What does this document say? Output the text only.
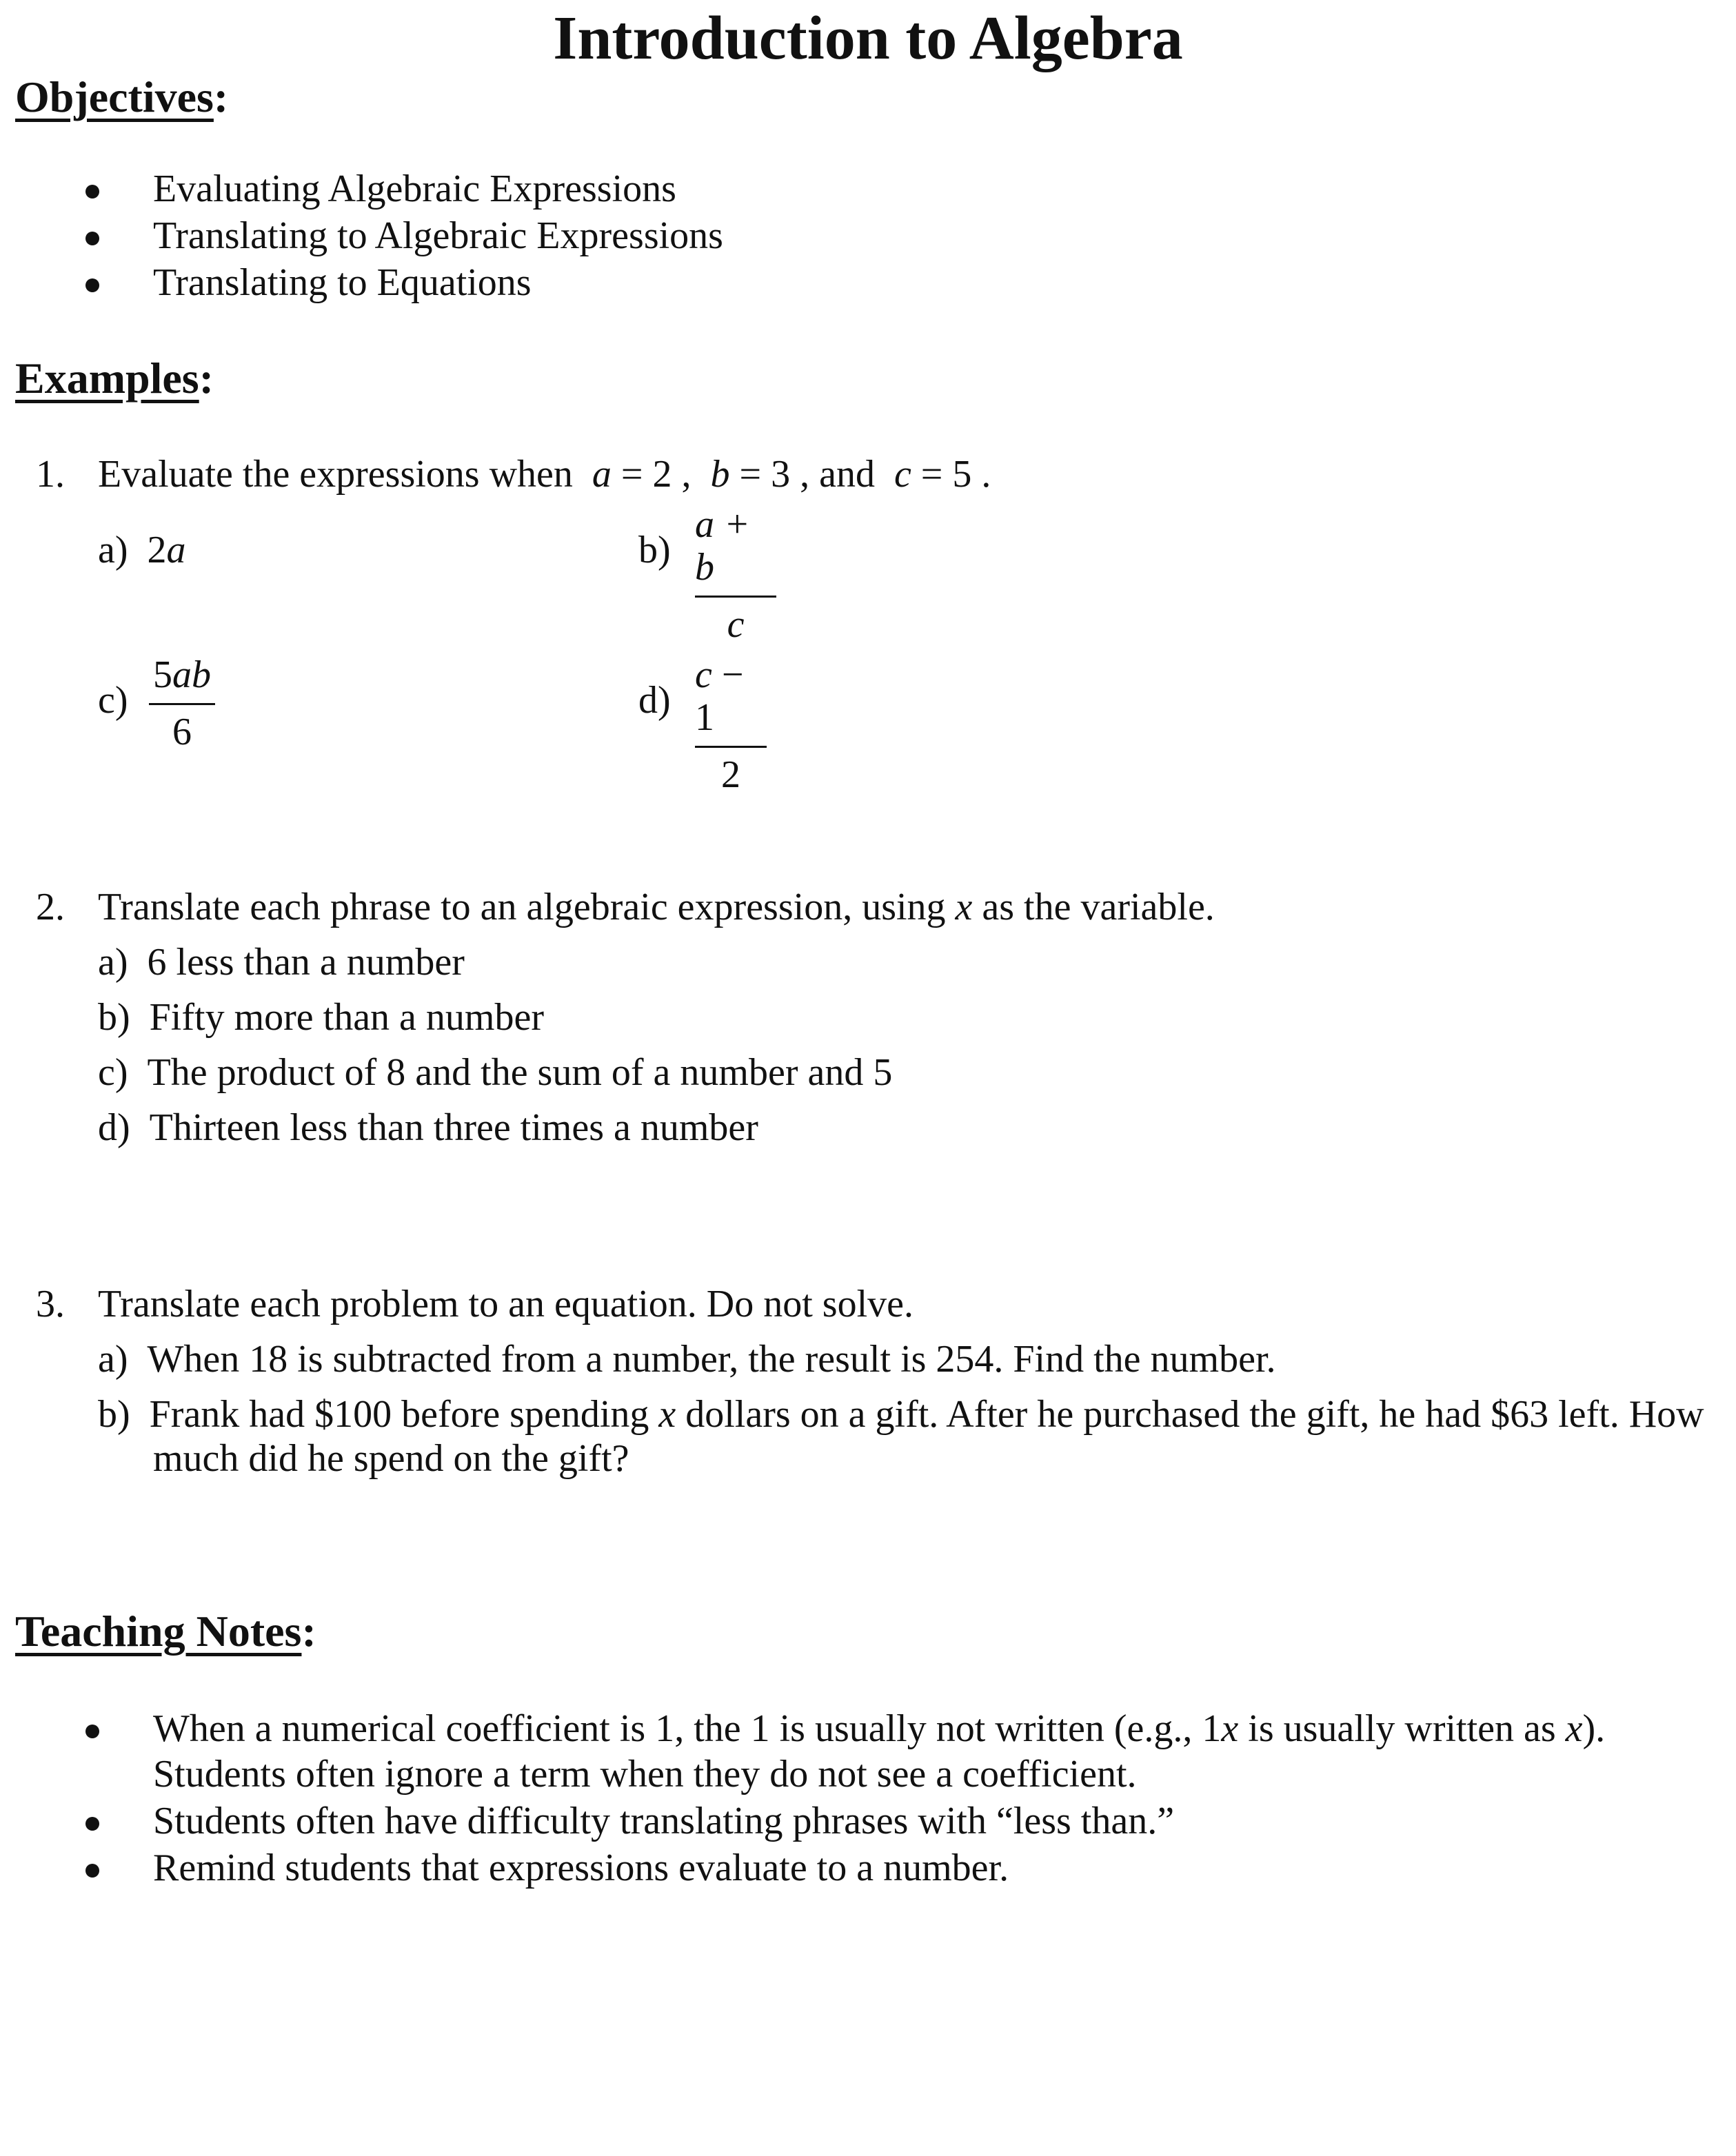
Introduction to Algebra
Objectives:
Evaluating Algebraic Expressions
Translating to Algebraic Expressions
Translating to Equations
Examples:
1. Evaluate the expressions when a = 2 , b = 3 , and c = 5 .
a) 2a	b)
a + b
c
c)
5ab
6
d)
c − 1
2
2. Translate each phrase to an algebraic expression, using x as the variable.
a) 6 less than a number
b) Fifty more than a number
c) The product of 8 and the sum of a number and 5
d) Thirteen less than three times a number
3. Translate each problem to an equation. Do not solve.
a) When 18 is subtracted from a number, the result is 254. Find the number.
b) Frank had $100 before spending x dollars on a gift. After he purchased the gift, he had $63 left. How
much did he spend on the gift?
Teaching Notes:
When a numerical coefficient is 1, the 1 is usually not written (e.g., 1x is usually written as x).
Students often ignore a term when they do not see a coefficient.
Students often have difficulty translating phrases with “less than.”
Remind students that expressions evaluate to a number.
